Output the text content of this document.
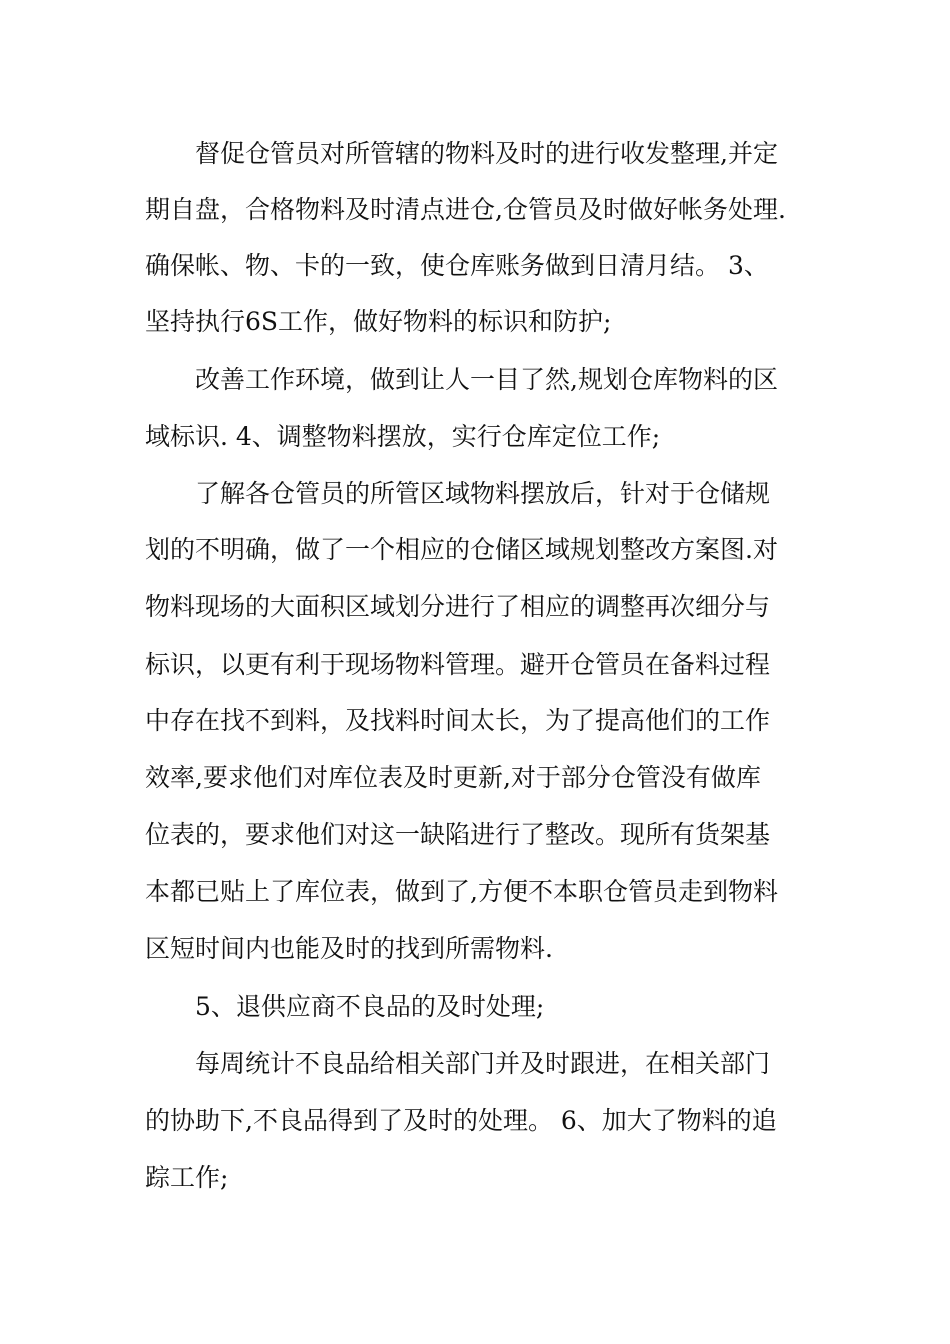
督促仓管员对所管辖的物料及时的进行收发整理,并定
期自盘，合格物料及时清点进仓,仓管员及时做好帐务处理.
确保帐、物、卡的一致，使仓库账务做到日清月结。 3、
坚持执行6S工作，做好物料的标识和防护;
改善工作环境，做到让人一目了然,规划仓库物料的区
域标识. 4、调整物料摆放，实行仓库定位工作;
了解各仓管员的所管区域物料摆放后，针对于仓储规
划的不明确，做了一个相应的仓储区域规划整改方案图.对
物料现场的大面积区域划分进行了相应的调整再次细分与
标识，以更有利于现场物料管理。避开仓管员在备料过程
中存在找不到料，及找料时间太长，为了提高他们的工作
效率,要求他们对库位表及时更新,对于部分仓管没有做库
位表的，要求他们对这一缺陷进行了整改。现所有货架基
本都已贴上了库位表，做到了,方便不本职仓管员走到物料
区短时间内也能及时的找到所需物料.
5、退供应商不良品的及时处理;
每周统计不良品给相关部门并及时跟进，在相关部门
的协助下,不良品得到了及时的处理。 6、加大了物料的追
踪工作;
